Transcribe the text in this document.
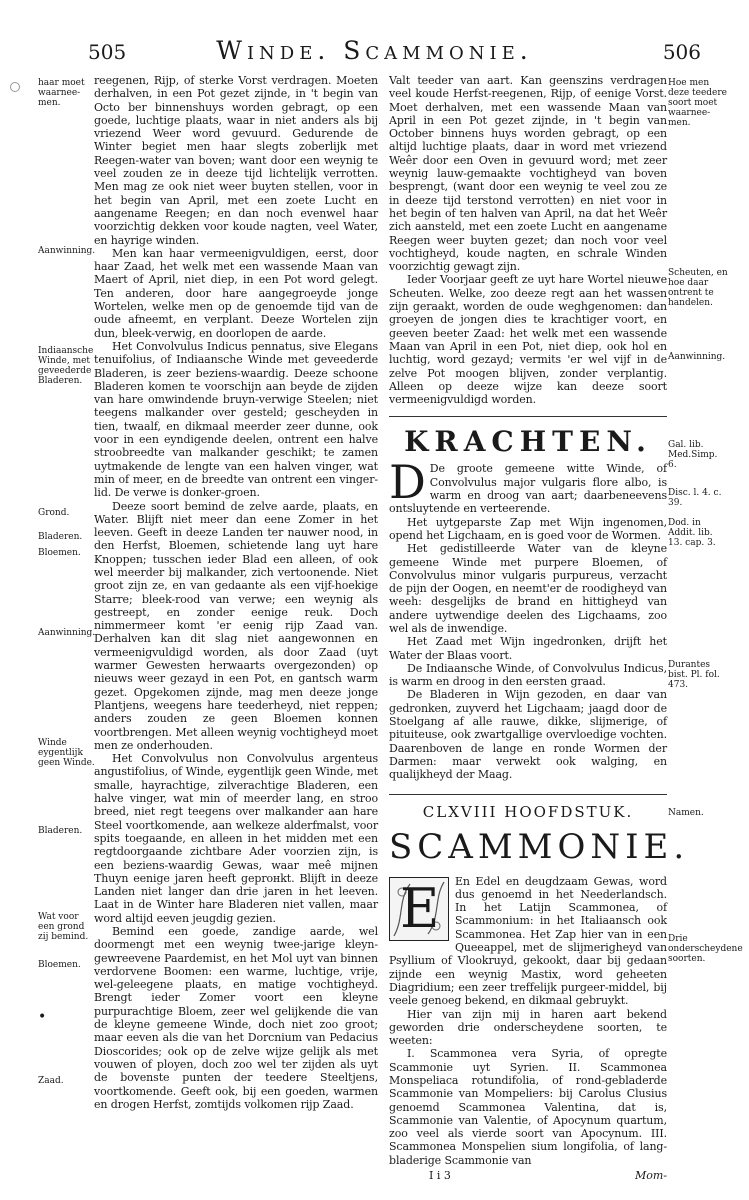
505	Winde. Scammonie.	506
haar moet waarnee-men.
Aanwinning.
Indiaansche Winde, met geveederde Bladeren.
Grond.
Bladeren.
Bloemen.
Aanwinning.
Winde eygentlijk geen Winde.
Bladeren.
Wat voor een grond zij bemind.
Bloemen.
•
Zaad.
Hoe men deze teedere soort moet waarnee-men.
Scheuten, en hoe daar ontrent te handelen.
Aanwinning.
Gal. lib. Med.Simp. 6.
Disc. l. 4. c. 39.
Dod. in Addit. lib. 13. cap. 3.
Durantes bist. Pl. fol. 473.
Namen.
Drie onderscheydene soorten.

reegenen, Rijp, of sterke Vorst verdragen. Moeten derhalven, in een Pot gezet zijnde, in 't begin van Octo ber binnenshuys worden gebragt, op een goede, luchtige plaats, waar in niet anders als bij vriezend Weer word gevuurd. Gedurende de Winter begiet men haar slegts zoberlijk met Reegen-water van boven; want door een weynig te veel zouden ze in deeze tijd lichtelijk verrotten. Men mag ze ook niet weer buyten stellen, voor in het begin van April, met een zoete Lucht en aangename Reegen; en dan noch evenwel haar voorzichtig dekken voor koude nagten, veel Water, en hayrige winden.

Men kan haar vermeenigvuldigen, eerst, door haar Zaad, het welk met een wassende Maan van Maert of April, niet diep, in een Pot word gelegt. Ten anderen, door hare aangegroeyde jonge Wortelen, welke men op de genoemde tijd van de oude afneemt, en verplant. Deeze Wortelen zijn dun, bleek-verwig, en doorlopen de aarde.

Het Convolvulus Indicus pennatus, sive Elegans tenuifolius, of Indiaansche Winde met geveederde Bladeren, is zeer beziens-waardig. Deeze schoone Bladeren komen te voorschijn aan beyde de zijden van hare omwindende bruyn-verwige Steelen; niet teegens malkander over gesteld; gescheyden in tien, twaalf, en dikmaal meerder zeer dunne, ook voor in een eyndigende deelen, ontrent een halve stroobreedte van malkander geschikt; te zamen uytmakende de lengte van een halven vinger, wat min of meer, en de breedte van ontrent een vinger-lid. De verwe is donker-groen.

Deeze soort bemind de zelve aarde, plaats, en Water. Blijft niet meer dan eene Zomer in het leeven. Geeft in deeze Landen ter nauwer nood, in den Herfst, Bloemen, schietende lang uyt hare Knoppen; tusschen ieder Blad een alleen, of ook wel meerder bij malkander, zich vertoonende. Niet groot zijn ze, en van gedaante als een vijf-hoekige Starre; bleek-rood van verwe; een weynig als gestreept, en zonder eenige reuk. Doch nimmermeer komt 'er eenig rijp Zaad van. Derhalven kan dit slag niet aangewonnen en vermeenigvuldigd worden, als door Zaad (uyt warmer Gewesten herwaarts overgezonden) op nieuws weer gezayd in een Pot, en gantsch warm gezet. Opgekomen zijnde, mag men deeze jonge Plantjens, weegens hare teederheyd, niet reppen; anders zouden ze geen Bloemen konnen voortbrengen. Met alleen weynig vochtigheyd moet men ze onderhouden.

Het Convolvulus non Convolvulus argenteus angustifolius, of Winde, eygentlijk geen Winde, met smalle, hayrachtige, zilverachtige Bladeren, een halve vinger, wat min of meerder lang, en stroo breed, niet regt teegens over malkander aan hare Steel voortkomende, aan welkeze alderfmalst, voor spits toegaande, en alleen in het midden met een regtdoorgaande zichtbare Ader voorzien zijn, is een beziens-waardig Gewas, waar meê mijnen Thuyn eenige jaren heeft geprонkt. Blijft in deeze Landen niet langer dan drie jaren in het leeven. Laat in de Winter hare Bladeren niet vallen, maar word altijd eeven jeugdig gezien.

Bemind een goede, zandige aarde, wel doormengt met een weynig twee-jarige kleyn-gewreevene Paardemist, en het Mol uyt van binnen verdorvene Boomen: een warme, luchtige, vrije, wel-geleegene plaats, en matige vochtigheyd. Brengt ieder Zomer voort een kleyne purpurachtige Bloem, zeer wel gelijkende die van de kleyne gemeene Winde, doch niet zoo groot; maar eeven als die van het Dorcnium van Pedacius Dioscorides; ook op de zelve wijze gelijk als met vouwen of ployen, doch zoo wel ter zijden als uyt de bovenste punten der teedere Steeltjens, voortkomende. Geeft ook, bij een goeden, warmen en drogen Herfst, zomtijds volkomen rijp Zaad.

Valt teeder van aart. Kan geenszins verdragen veel koude Herfst-reegenen, Rijp, of eenige Vorst. Moet derhalven, met een wassende Maan van April in een Pot gezet zijnde, in 't begin van October binnens huys worden gebragt, op een altijd luchtige plaats, daar in word met vriezend Weêr door een Oven in gevuurd word; met zeer weynig lauw-gemaakte vochtigheyd van boven besprengt, (want door een weynig te veel zou ze in deeze tijd terstond verrotten) en niet voor in het begin of ten halven van April, na dat het Weêr zich aansteld, met een zoete Lucht en aangename Reegen weer buyten gezet; dan noch voor veel vochtigheyd, koude nagten, en schrale Winden voorzichtig gewagt zijn.

Ieder Voorjaar geeft ze uyt hare Wortel nieuwe Scheuten. Welke, zoo deeze regt aan het wassen zijn geraakt, worden de oude weghgenomen: dan groeyen de jongen dies te krachtiger voort, en geeven beeter Zaad: het welk met een wassende Maan van April in een Pot, niet diep, ook hol en luchtig, word gezayd; vermits 'er wel vijf in de zelve Pot moogen blijven, zonder verplantig. Alleen op deeze wijze kan deeze soort vermeenigvuldigd worden.

KRACHTEN.

D De groote gemeene witte Winde, of Convolvulus major vulgaris flore albo, is warm en droog van aart; daarbeneevens ontsluytende en verteerende.

Het uytgeparste Zap met Wijn ingenomen, opend het Ligchaam, en is goed voor de Wormen.

Het gedistilleerde Water van de kleyne gemeene Winde met purpere Bloemen, of Convolvulus minor vulgaris purpureus, verzacht de pijn der Oogen, en neemt'er de roodigheyd van weeh: desgelijks de brand en hittigheyd van andere uytwendige deelen des Ligchaams, zoo wel als de inwendige.

Het Zaad met Wijn ingedronken, drijft het Water der Blaas voort.

De Indiaansche Winde, of Convolvulus Indicus, is warm en droog in den eersten graad.

De Bladeren in Wijn gezoden, en daar van gedronken, zuyverd het Ligchaam; jaagd door de Stoelgang af alle rauwe, dikke, slijmerige, of pituiteuse, ook zwartgallige overvloedige vochten. Daarenboven de lange en ronde Wormen der Darmen: maar verwekt ook walging, en qualijkheyd der Maag.

CLXVIII HOOFDSTUK.
SCAMMONIE.

E En Edel en deugdzaam Gewas, word dus genoemd in het Neederlandsch. In het Latijn Scammonea, of Scammonium: in het Italiaansch ook Scammonea. Het Zap hier van in een Queeappel, met de slijmerigheyd van Psyllium of Vlookruyd, gekookt, daar bij gedaan zijnde een weynig Mastix, word geheeten Diagridium; een zeer treffelijk purgeer-middel, bij veele genoeg bekend, en dikmaal gebruykt.

Hier van zijn mij in haren aart bekend geworden drie onderscheydene soorten, te weeten:

I. Scammonea vera Syria, of opregte Scammonie uyt Syrien. II. Scammonea Monspeliaca rotundifolia, of rond-gebladerde Scammonie van Mompeliers: bij Carolus Clusius genoemd Scammonea Valentina, dat is, Scammonie van Valentie, of Apocynum quartum, zoo veel als vierde soort van Apocynum. III. Scammonea Monspelien sium longifolia, of lang-bladerige Scammonie van

I i 3	Mom-
